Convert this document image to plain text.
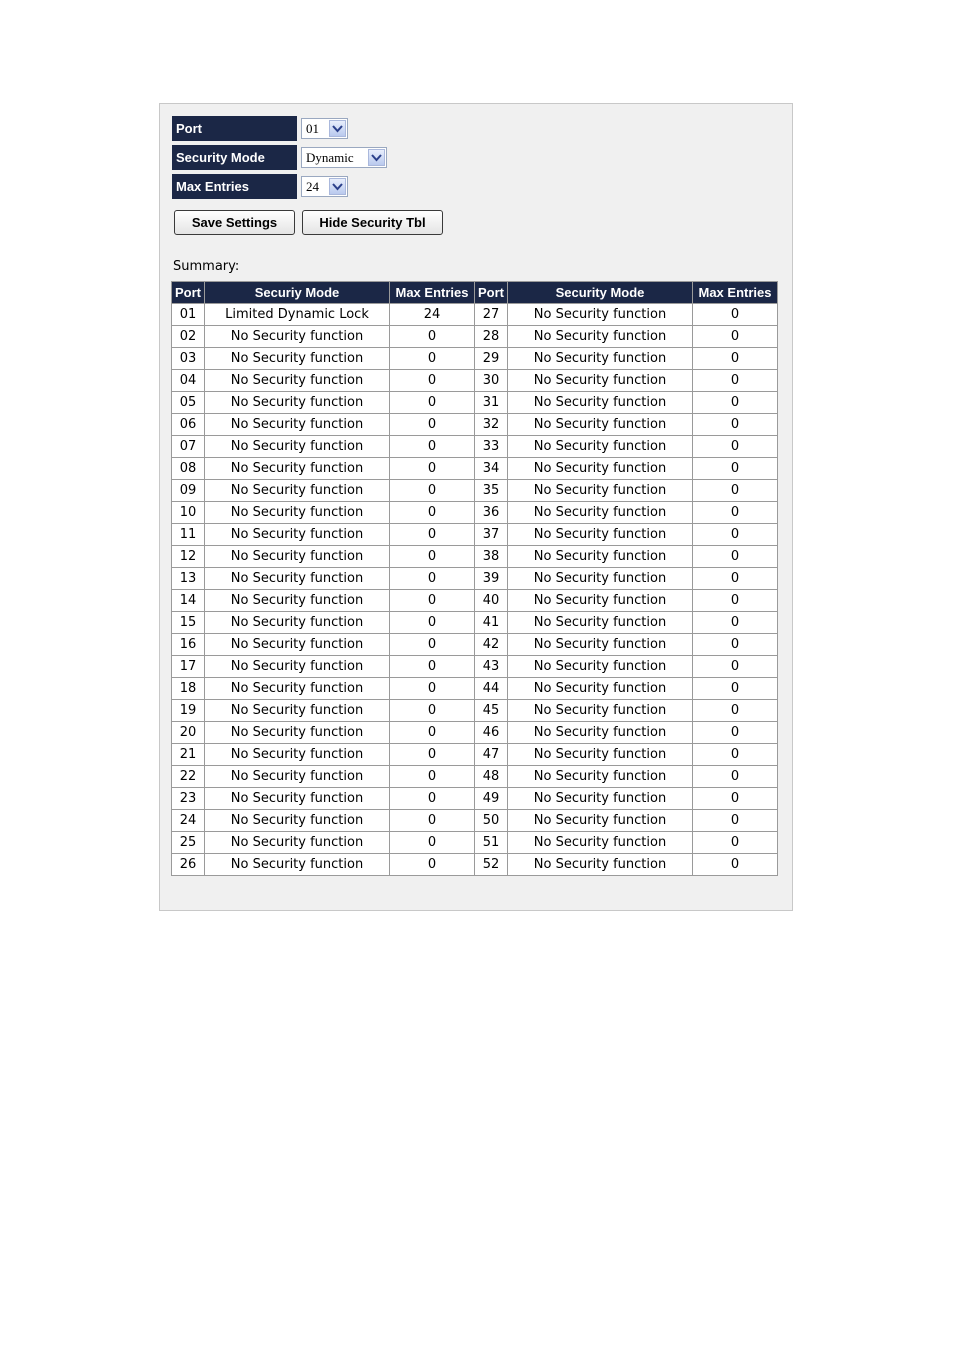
Port	01
Security Mode	Dynamic
Max Entries	24
Save Settings	Hide Security Tbl
Summary:
Port	Securiy Mode	Max Entries	Port	Security Mode	Max Entries
01	Limited Dynamic Lock	24	27	No Security function	0
02	No Security function	0	28	No Security function	0
03	No Security function	0	29	No Security function	0
04	No Security function	0	30	No Security function	0
05	No Security function	0	31	No Security function	0
06	No Security function	0	32	No Security function	0
07	No Security function	0	33	No Security function	0
08	No Security function	0	34	No Security function	0
09	No Security function	0	35	No Security function	0
10	No Security function	0	36	No Security function	0
11	No Security function	0	37	No Security function	0
12	No Security function	0	38	No Security function	0
13	No Security function	0	39	No Security function	0
14	No Security function	0	40	No Security function	0
15	No Security function	0	41	No Security function	0
16	No Security function	0	42	No Security function	0
17	No Security function	0	43	No Security function	0
18	No Security function	0	44	No Security function	0
19	No Security function	0	45	No Security function	0
20	No Security function	0	46	No Security function	0
21	No Security function	0	47	No Security function	0
22	No Security function	0	48	No Security function	0
23	No Security function	0	49	No Security function	0
24	No Security function	0	50	No Security function	0
25	No Security function	0	51	No Security function	0
26	No Security function	0	52	No Security function	0
